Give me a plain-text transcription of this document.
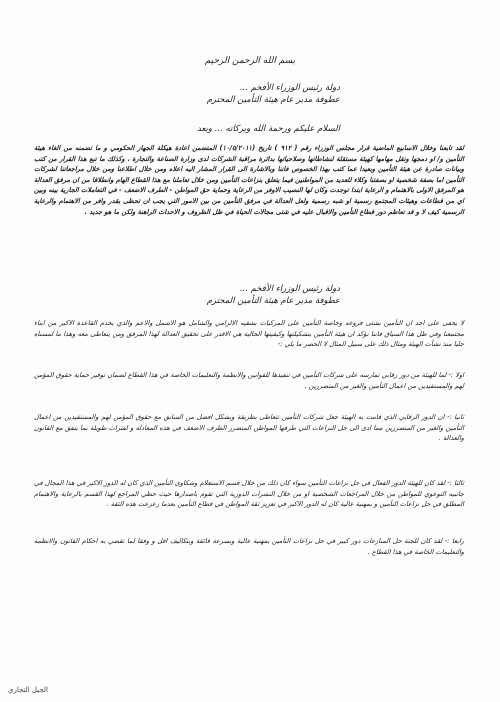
بسم الله الرحمن الرحيم
دولة رئيس الوزراء الأفخم ...
عطوفة مدير عام هيئة التأمين المحترم
السلام عليكم ورحمة الله وبركاته ... وبعد
لقد تابعنا وخلال الاسابيع الماضية قرار مجلس الوزراء رقم ( ٩١٢ ) تاريخ (١٠/٥/٢٠١١) المتضمن اعادة هيكلة الجهاز الحكومي و ما تضمنه من الغاء هيئة التأمين و/ او دمجها ونقل مهامها كهيئة مستقلة لنشاطاتها وصلاحياتها بدائرة مراقبة الشركات لدى وزارة الصناعة والتجارة ، وكذلك ما تبع هذا القرار من كتب وبيانات صادرة عن هيئة التأمين وبعيدا عما كتب بهذا الخصوص فاننا وبالاشارة الى القرار المشار اليه اعلاه ومن خلال اطلاعنا ومن خلال مراجعاتنا لشركات التأمين اما بصفة شخصية او بصفتنا وكلاء للعديد من المواطنين فيما يتعلق بنزاعات التأمين ومن خلال تعاملنا مع هذا القطاع الهام وانطلاقا من ان مرفق العدالة هو المرفق الاولى بالاهتمام و الرعاية ابتدا توجدت وكان لها النصيب الاوفر من الرعاية وحماية حق المواطن - الطرف الاضعف - في التعاملات الجارية بينه وبين اي من قطاعات وهيئات المجتمع رسمية او شبه رسمية ولعل العدالة في مرفق التأمين من بين الامور التي يجب ان تحظى بقدر وافر من الاهتمام والرعاية الرسمية كيف لا و قد تعاظم دور قطاع التأمين والاقبال عليه في شتى مجالات الحياة في ظل الظروف و الاحداث الراهنة ولكن ما هو جديد .
دولة رئيس الوزراء الأفخم ...
عطوفة مدير عام هيئة التأمين المحترم
لا يخفى على احد ان التأمين بشتى فروعه وخاصة التأمين على المركبات بشقيه الالزامي والشامل هو الاشمل والاعم والذي يخدم القاعدة الاكبر من ابناء مجتمعنا وفي ظل هذا السياق فاننا نؤكد ان هيئة التأمين بتشكيلتها وكيفيتها الحالية هي الاقدر على تحقيق العدالة لهذا المرفق ومن يتعاطى معه وهذا ما لمسناه جليا منذ نشأت الهيئة ومثال ذلك على سبيل المثال لا الحصر ما يلي :-
اولا :- لما للهيئة من دور رقابي تمارسه على شركات التأمين في تنفيذها للقوانين والانظمة والتعليمات الخاصة في هذا القطاع لضمان توفير حماية حقوق المؤمن لهم والمستفيدين من اعمال التأمين والغير من المتضررين .
ثانيا :- ان الدور الرقابي الذي قامت به الهيئة جعل شركات التأمين تتعاطى بطريقة وبشكل افضل من السابق مع حقوق المؤمن لهم والمستفيدين من اعمال التأمين والغير من المتضررين مما ادى الى حل النزاعات التي طرفها المواطن المتضرر الطرف الاضعف في هذه المعادلة و لفترات طويلة بما يتفق مع القانون والعدالة .
ثالثا :- لقد كان للهيئة الدور الفعال في حل نزاعات التأمين سواء كان ذلك من خلال قسم الاستعلام وشكاوى التأمين الذي كان له الدور الاكبر في هذا المجال في جانبيه التوعوي للمواطن من خلال المراجعات الشخصية او من خلال النشرات الدورية التي تقوم باصدارها حيث حظي المراجع لهذا القسم بالرعاية والاهتمام المطلق في حل نزاعات التأمين و بمهنية عالية كان له الدور الاكبر في تعزيز ثقة المواطن في قطاع التأمين بعدما زعزعت هذه الثقة .
رابعا :- لقد كان للجنة حل المنازعات دور كبير في حل نزاعات التأمين بمهنية عالية وبسرعة فائقة وبتكاليف اقل و وفقا لما تقضي به احكام القانون والانظمة والتعليمات الخاصة في هذا القطاع .
الجيل التجاري
